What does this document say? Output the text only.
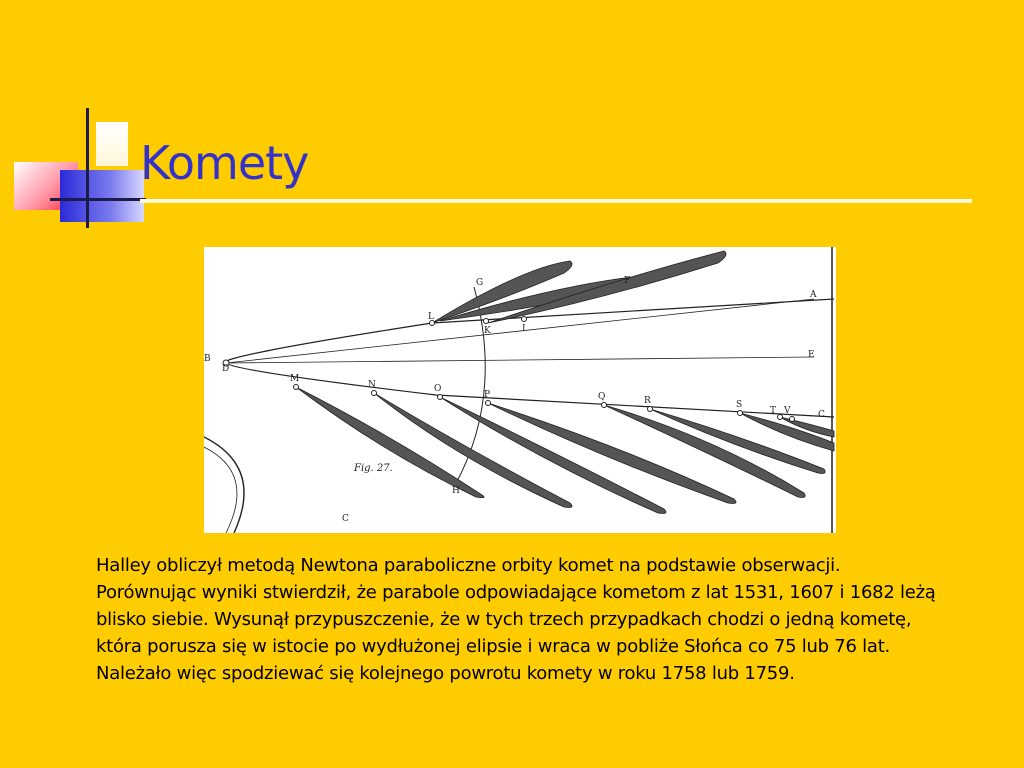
Komety
A
B
C
D
E
F
G
H
I
K
L
M
N	O
P	Q	R	S
T V
C
Fig. 27.
Halley obliczył metodą Newtona paraboliczne orbity komet na podstawie obserwacji. Porównując wyniki stwierdził, że parabole odpowiadające kometom z lat 1531, 1607 i 1682 leżą blisko siebie. Wysunął przypuszczenie, że w tych trzech przypadkach chodzi o jedną kometę, która porusza się w istocie po wydłużonej elipsie i wraca w pobliże Słońca co 75 lub 76 lat. Należało więc spodziewać się kolejnego powrotu komety w roku 1758 lub 1759.
